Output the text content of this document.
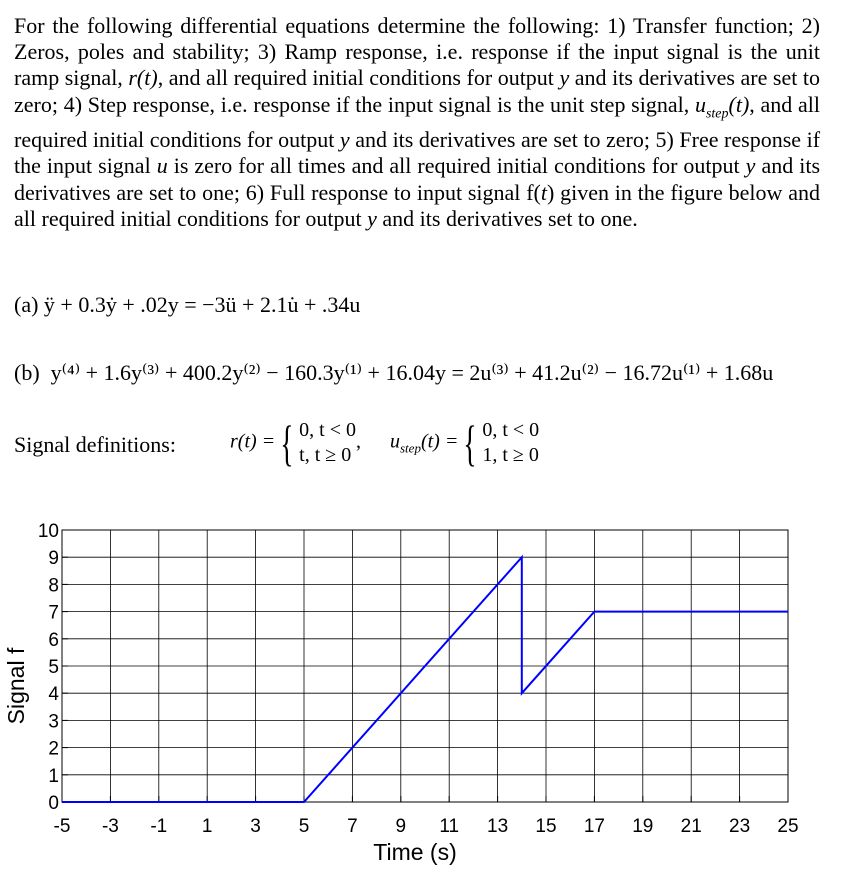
For the following differential equations determine the following: 1) Transfer function; 2) Zeros, poles and stability; 3) Ramp response, i.e. response if the input signal is the unit ramp signal, r(t), and all required initial conditions for output y and its derivatives are set to zero; 4) Step response, i.e. response if the input signal is the unit step signal, $u_{step}(t)$, and all required initial conditions for output y and its derivatives are set to zero; 5) Free response if the input signal u is zero for all times and all required initial conditions for output y and its derivatives are set to one; 6) Full response to input signal f(t) given in the figure below and all required initial conditions for output y and its derivatives set to one.
(a) ÿ + 0.3ẏ + .02y = −3ü + 2.1u̇ + .34u
(b) y⁽⁴⁾ + 1.6y⁽³⁾ + 400.2y⁽²⁾ − 160.3y⁽¹⁾ + 16.04y = 2u⁽³⁾ + 41.2u⁽²⁾ − 16.72u⁽¹⁾ + 1.68u
Signal definitions:	r(t) = { 0, t < 0
t, t ≥ 0, $u_{step}(t)$ = { 0, t < 0
1, t ≥ 0
-5 -3 -1 1 3 5 7 9 11 13 15 17 19 21 23 25
0
1
2
3
4
5
6
7
8
9
10
Time (s)
Signal f
